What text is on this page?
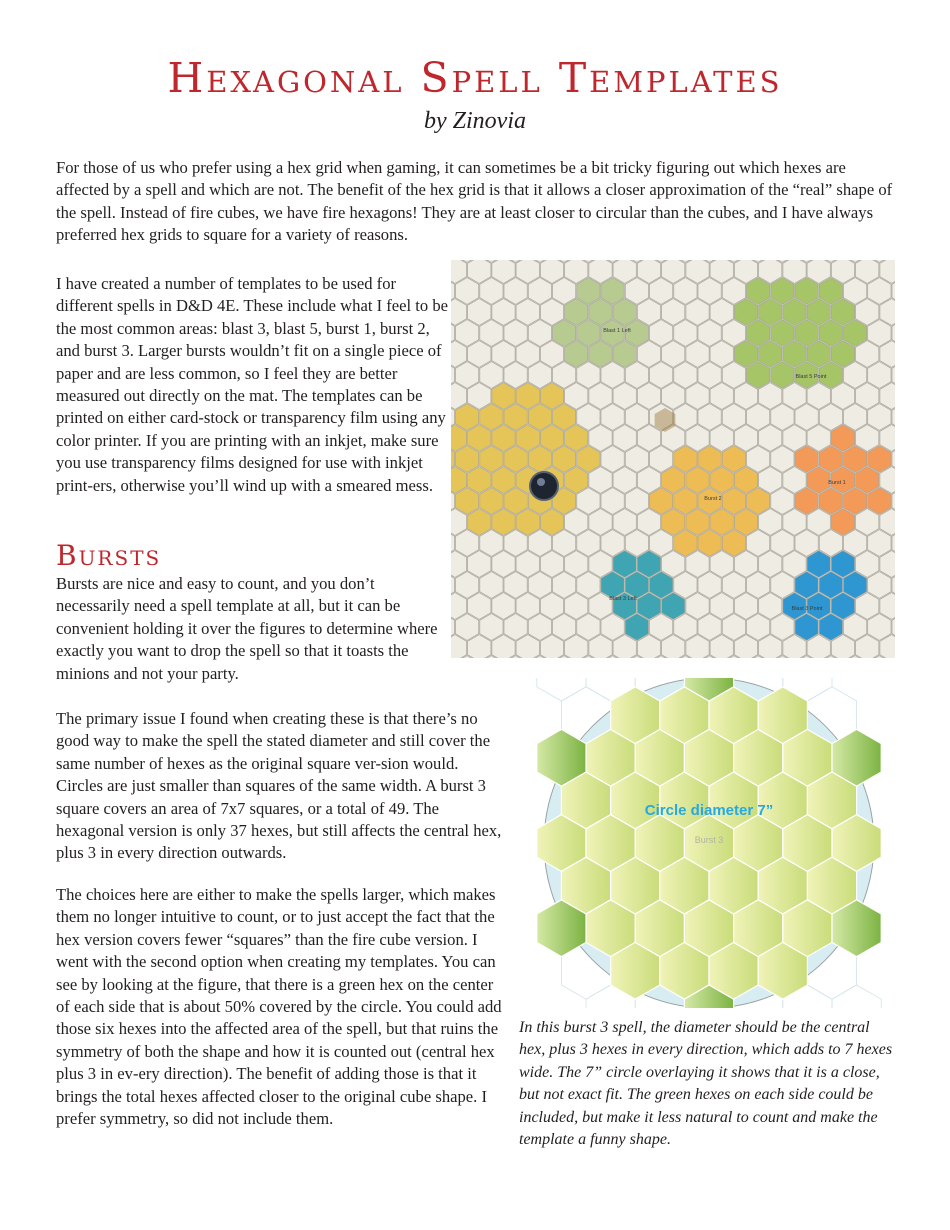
Hexagonal Spell Templates
by Zinovia

For those of us who prefer using a hex grid when gaming, it can sometimes be a bit tricky figuring out which hexes are affected by a spell and which are not. The benefit of the hex grid is that it allows a closer approximation of the “real” shape of the spell. Instead of fire cubes, we have fire hexagons! They are at least closer to circular than the cubes, and I have always preferred hex grids to square for a variety of reasons.

I have created a number of templates to be used for different spells in D&D 4E. These include what I feel to be the most common areas: blast 3, blast 5, burst 1, burst 2, and burst 3. Larger bursts wouldn’t fit on a single piece of paper and are less common, so I feel they are better measured out directly on the mat. The templates can be printed on either card-stock or transparency film using any color printer. If you are printing with an inkjet, make sure you use transparency films designed for use with inkjet print-ers, otherwise you’ll wind up with a smeared mess.

Blast 1 Left
Blast 5 Point
Burst 2
Burst 1
Blast 3 Left
Blast 3 Point
Bursts

Bursts are nice and easy to count, and you don’t necessarily need a spell template at all, but it can be convenient holding it over the figures to determine where exactly you want to drop the spell so that it toasts the minions and not your party.

The primary issue I found when creating these is that there’s no good way to make the spell the stated diameter and still cover the same number of hexes as the original square ver-sion would. Circles are just smaller than squares of the same width. A burst 3 square covers an area of 7x7 squares, or a total of 49. The hexagonal version is only 37 hexes, but still affects the central hex, plus 3 in every direction outwards.

The choices here are either to make the spells larger, which makes them no longer intuitive to count, or to just accept the fact that the hex version covers fewer “squares” than the fire cube version. I went with the second option when creating my templates. You can see by looking at the figure, that there is a green hex on the center of each side that is about 50% covered by the circle. You could add those six hexes into the affected area of the spell, but that ruins the symmetry of both the shape and how it is counted out (central hex plus 3 in ev-ery direction). The benefit of adding those is that it brings the total hexes affected closer to the original cube shape. I prefer symmetry, so did not include them.

Circle diameter 7”
Burst 3
In this burst 3 spell, the diameter should be the central hex, plus 3 hexes in every direction, which adds to 7 hexes wide. The 7” circle overlaying it shows that it is a close, but not exact fit. The green hexes on each side could be included, but make it less natural to count and make the template a funny shape.
